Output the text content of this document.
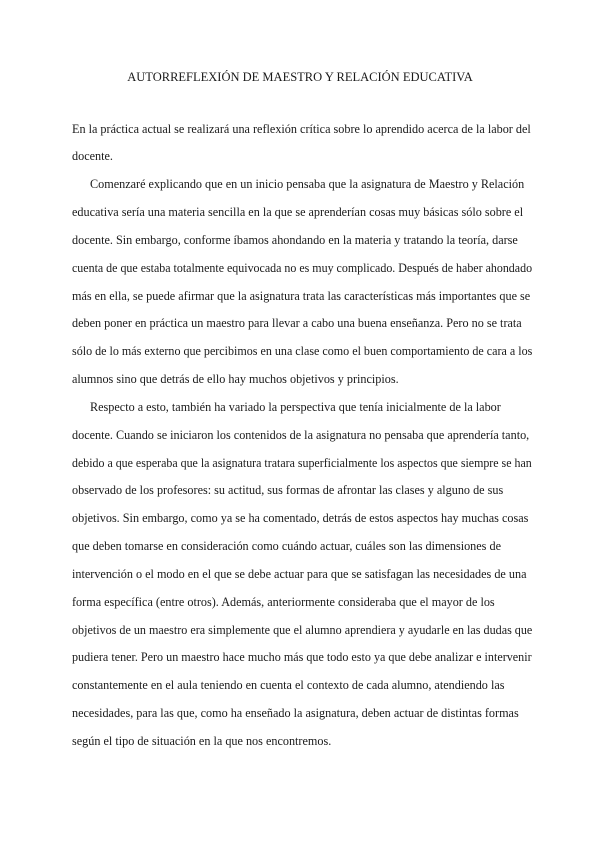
AUTORREFLEXIÓN DE MAESTRO Y RELACIÓN EDUCATIVA
En la práctica actual se realizará una reflexión crítica sobre lo aprendido acerca de la labor del
docente.
Comenzaré explicando que en un inicio pensaba que la asignatura de Maestro y Relación
educativa sería una materia sencilla en la que se aprenderían cosas muy básicas sólo sobre el
docente. Sin embargo, conforme íbamos ahondando en la materia y tratando la teoría, darse
cuenta de que estaba totalmente equivocada no es muy complicado. Después de haber ahondado
más en ella, se puede afirmar que la asignatura trata las características más importantes que se
deben poner en práctica un maestro para llevar a cabo una buena enseñanza. Pero no se trata
sólo de lo más externo que percibimos en una clase como el buen comportamiento de cara a los
alumnos sino que detrás de ello hay muchos objetivos y principios.
Respecto a esto, también ha variado la perspectiva que tenía inicialmente de la labor
docente. Cuando se iniciaron los contenidos de la asignatura no pensaba que aprendería tanto,
debido a que esperaba que la asignatura tratara superficialmente los aspectos que siempre se han
observado de los profesores: su actitud, sus formas de afrontar las clases y alguno de sus
objetivos. Sin embargo, como ya se ha comentado, detrás de estos aspectos hay muchas cosas
que deben tomarse en consideración como cuándo actuar, cuáles son las dimensiones de
intervención o el modo en el que se debe actuar para que se satisfagan las necesidades de una
forma específica (entre otros). Además, anteriormente consideraba que el mayor de los
objetivos de un maestro era simplemente que el alumno aprendiera y ayudarle en las dudas que
pudiera tener. Pero un maestro hace mucho más que todo esto ya que debe analizar e intervenir
constantemente en el aula teniendo en cuenta el contexto de cada alumno, atendiendo las
necesidades, para las que, como ha enseñado la asignatura, deben actuar de distintas formas
según el tipo de situación en la que nos encontremos.
